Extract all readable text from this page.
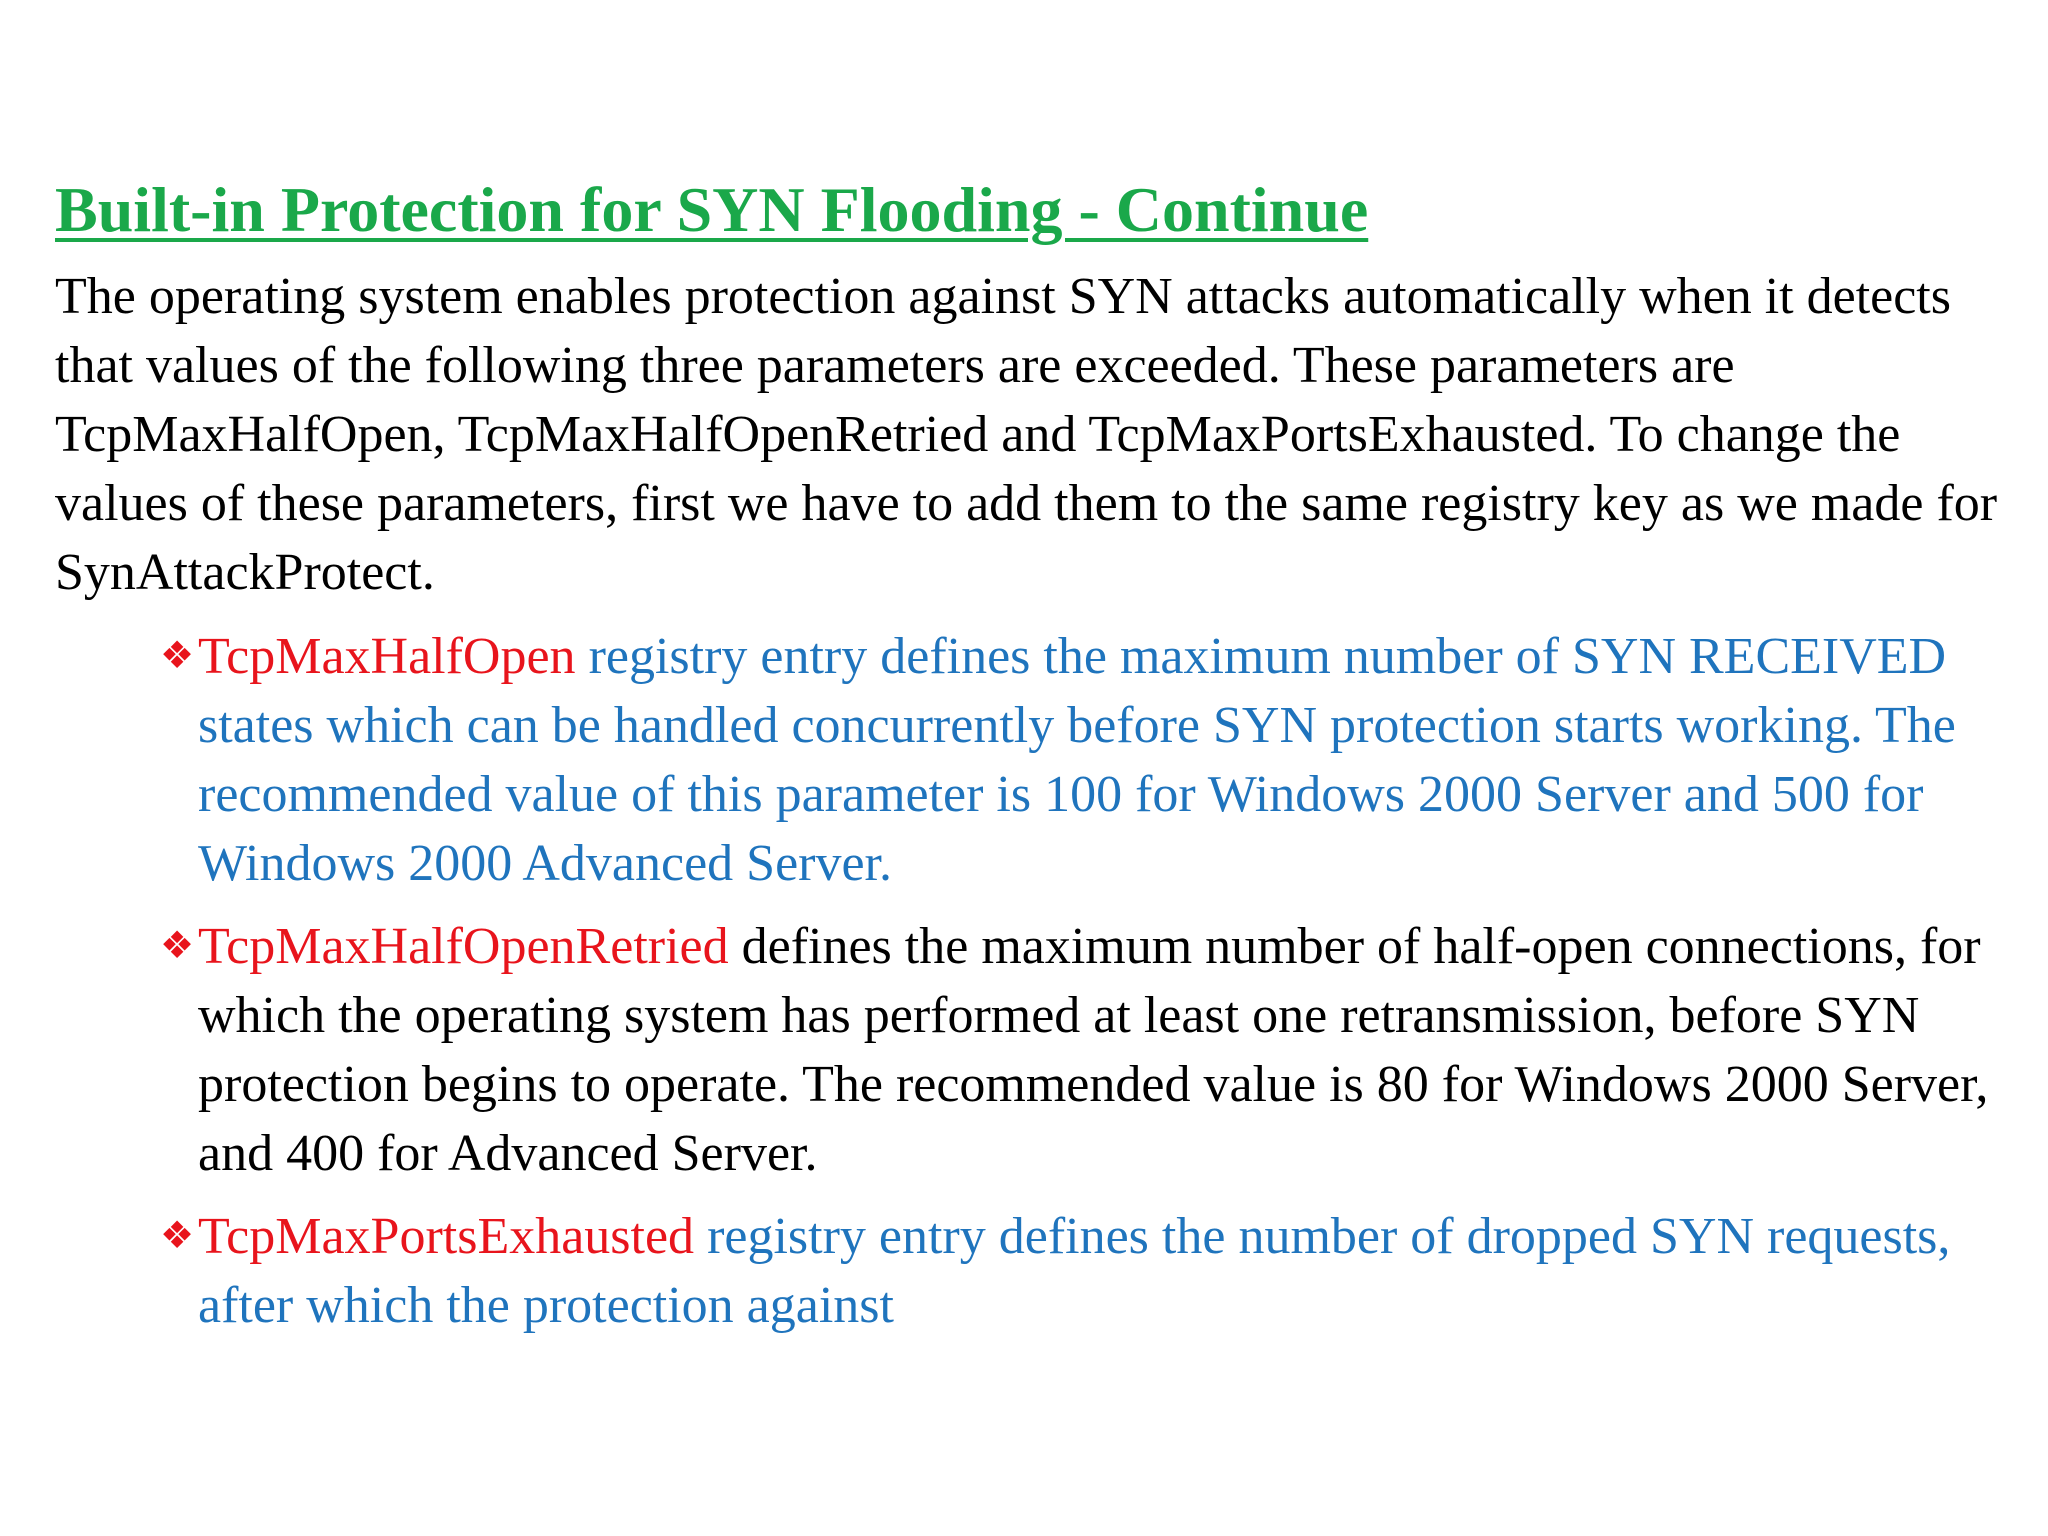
Built-in Protection for SYN Flooding - Continue

The operating system enables protection against SYN attacks automatically when it detects that values of the following three parameters are exceeded. These parameters are TcpMaxHalfOpen, TcpMaxHalfOpenRetried and TcpMaxPortsExhausted. To change the values of these parameters, first we have to add them to the same registry key as we made for SynAttackProtect.

❖ TcpMaxHalfOpen registry entry defines the maximum number of SYN RECEIVED states which can be handled concurrently before SYN protection starts working. The recommended value of this parameter is 100 for Windows 2000 Server and 500 for Windows 2000 Advanced Server.

❖ TcpMaxHalfOpenRetried defines the maximum number of half-open connections, for which the operating system has performed at least one retransmission, before SYN protection begins to operate. The recommended value is 80 for Windows 2000 Server, and 400 for Advanced Server.

❖ TcpMaxPortsExhausted registry entry defines the number of dropped SYN requests, after which the protection against
